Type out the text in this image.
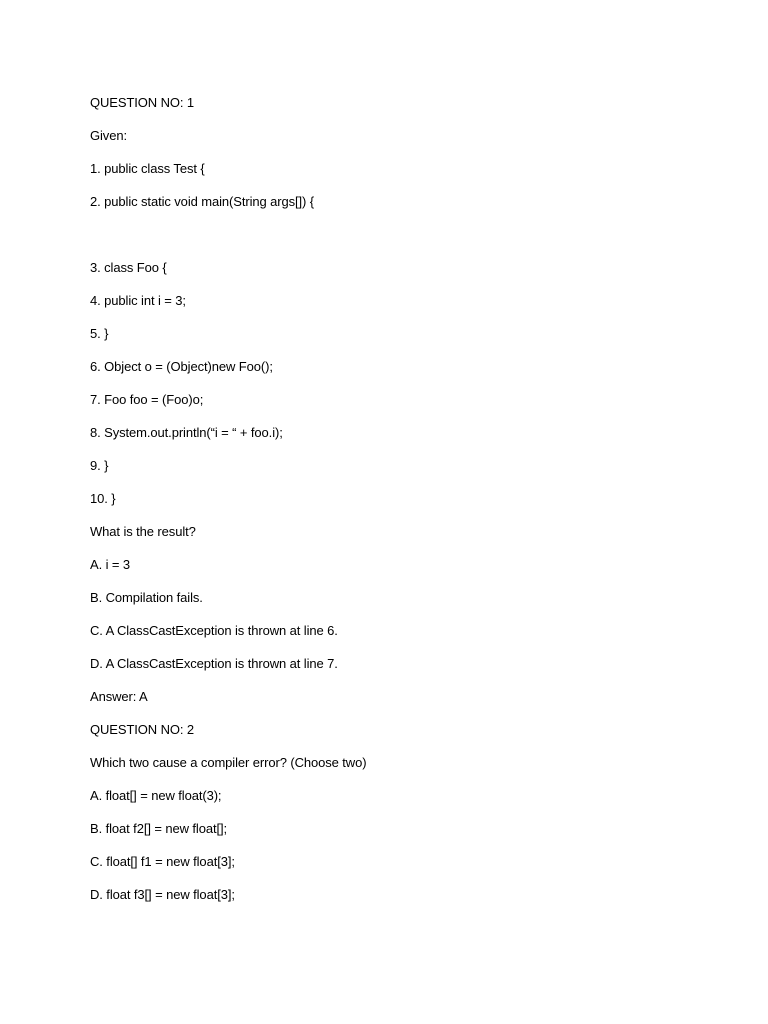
QUESTION NO: 1
Given:
1. public class Test {
2. public static void main(String args[]) {
3. class Foo {
4. public int i = 3;
5. }
6. Object o = (Object)new Foo();
7. Foo foo = (Foo)o;
8. System.out.println(“i = “ + foo.i);
9. }
10. }
What is the result?
A. i = 3
B. Compilation fails.
C. A ClassCastException is thrown at line 6.
D. A ClassCastException is thrown at line 7.
Answer: A
QUESTION NO: 2
Which two cause a compiler error? (Choose two)
A. float[] = new float(3);
B. float f2[] = new float[];
C. float[] f1 = new float[3];
D. float f3[] = new float[3];
